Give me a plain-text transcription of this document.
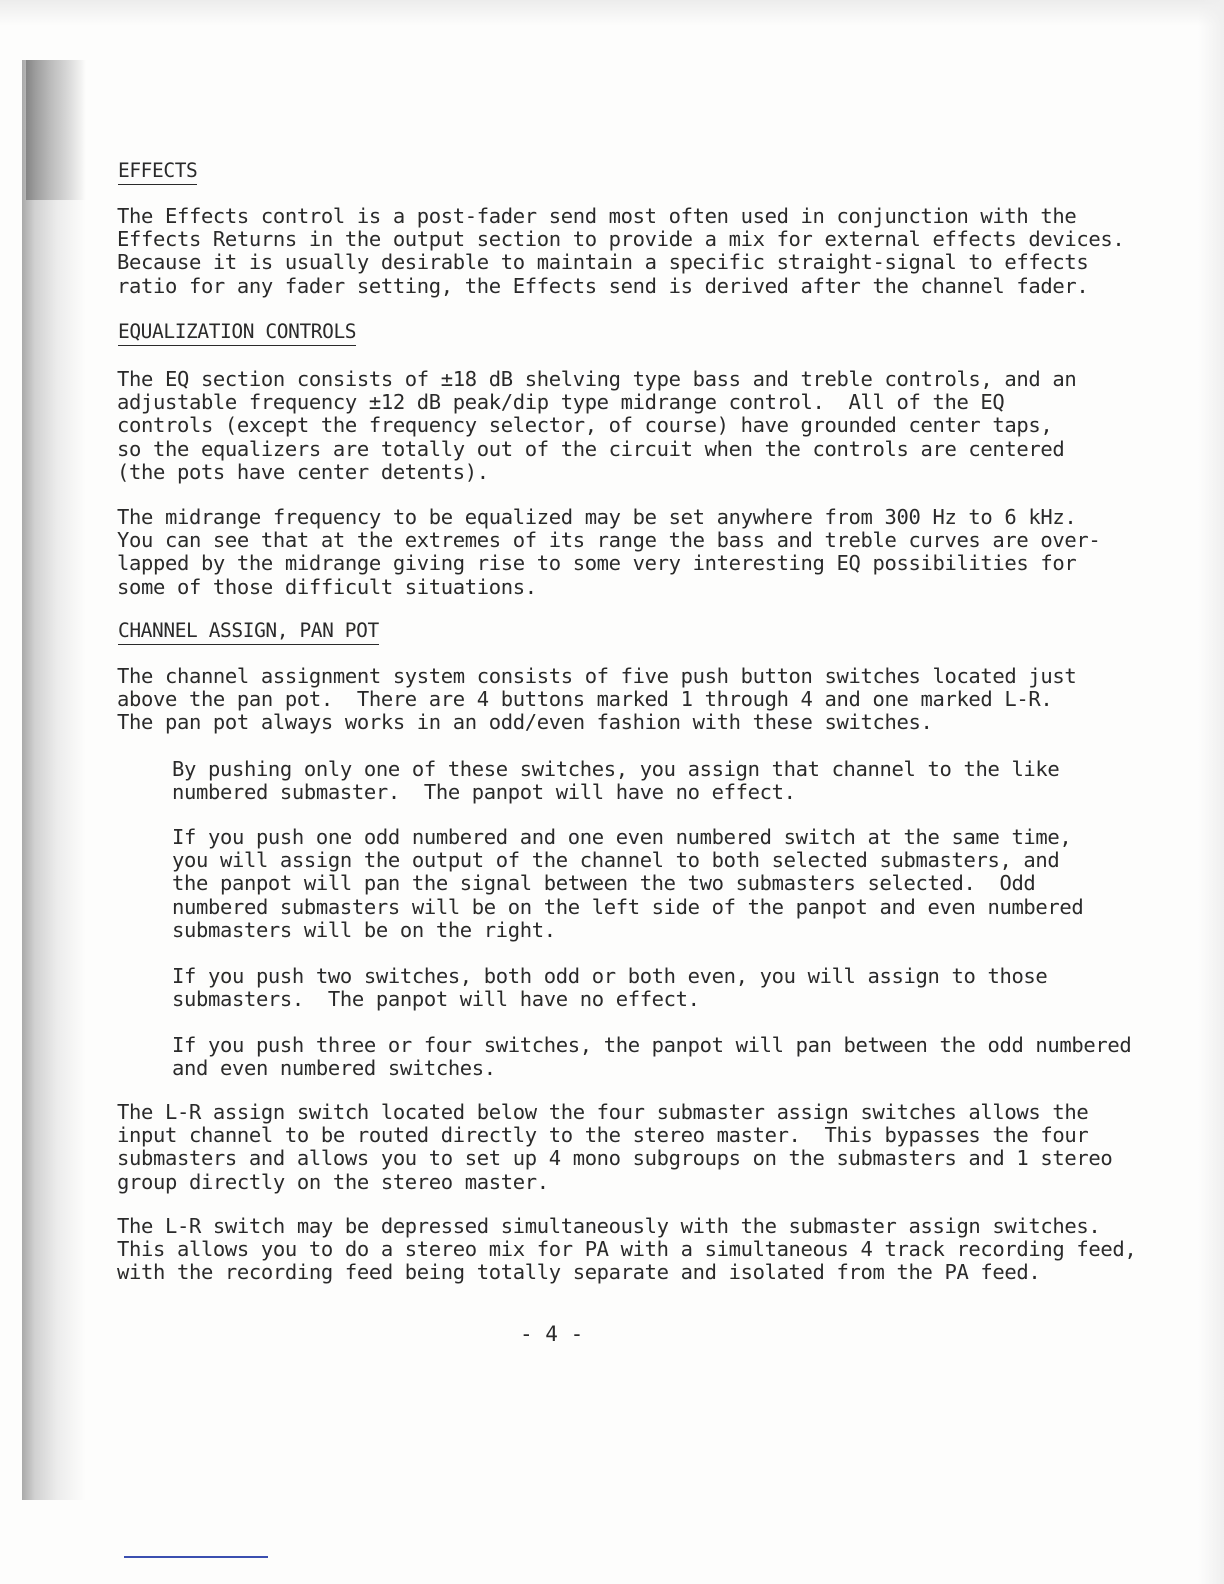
EFFECTS
The Effects control is a post-fader send most often used in conjunction with the
Effects Returns in the output section to provide a mix for external effects devices.
Because it is usually desirable to maintain a specific straight-signal to effects
ratio for any fader setting, the Effects send is derived after the channel fader.
EQUALIZATION CONTROLS
The EQ section consists of ±18 dB shelving type bass and treble controls, and an
adjustable frequency ±12 dB peak/dip type midrange control.  All of the EQ
controls (except the frequency selector, of course) have grounded center taps,
so the equalizers are totally out of the circuit when the controls are centered
(the pots have center detents).
The midrange frequency to be equalized may be set anywhere from 300 Hz to 6 kHz.
You can see that at the extremes of its range the bass and treble curves are over-
lapped by the midrange giving rise to some very interesting EQ possibilities for
some of those difficult situations.
CHANNEL ASSIGN, PAN POT
The channel assignment system consists of five push button switches located just
above the pan pot.  There are 4 buttons marked 1 through 4 and one marked L-R.
The pan pot always works in an odd/even fashion with these switches.
By pushing only one of these switches, you assign that channel to the like
numbered submaster.  The panpot will have no effect.
If you push one odd numbered and one even numbered switch at the same time,
you will assign the output of the channel to both selected submasters, and
the panpot will pan the signal between the two submasters selected.  Odd
numbered submasters will be on the left side of the panpot and even numbered
submasters will be on the right.
If you push two switches, both odd or both even, you will assign to those
submasters.  The panpot will have no effect.
If you push three or four switches, the panpot will pan between the odd numbered
and even numbered switches.
The L-R assign switch located below the four submaster assign switches allows the
input channel to be routed directly to the stereo master.  This bypasses the four
submasters and allows you to set up 4 mono subgroups on the submasters and 1 stereo
group directly on the stereo master.
The L-R switch may be depressed simultaneously with the submaster assign switches.
This allows you to do a stereo mix for PA with a simultaneous 4 track recording feed,
with the recording feed being totally separate and isolated from the PA feed.
- 4 -
